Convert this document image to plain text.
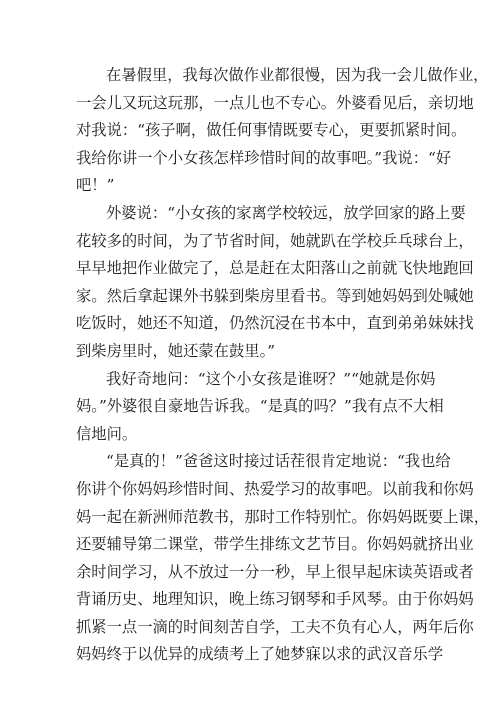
在暑假里，我每次做作业都很慢，因为我一会儿做作业，
一会儿又玩这玩那，一点儿也不专心。外婆看见后，亲切地
对我说：“孩子啊，做任何事情既要专心，更要抓紧时间。
我给你讲一个小女孩怎样珍惜时间的故事吧。”我说：“好
吧！”
外婆说：“小女孩的家离学校较远，放学回家的路上要
花较多的时间，为了节省时间，她就趴在学校乒乓球台上，
早早地把作业做完了，总是赶在太阳落山之前就飞快地跑回
家。然后拿起课外书躲到柴房里看书。等到她妈妈到处喊她
吃饭时，她还不知道，仍然沉浸在书本中，直到弟弟妹妹找
到柴房里时，她还蒙在鼓里。”
我好奇地问：“这个小女孩是谁呀？”“她就是你妈
妈。”外婆很自豪地告诉我。“是真的吗？”我有点不大相
信地问。
“是真的！”爸爸这时接过话茬很肯定地说：“我也给
你讲个你妈妈珍惜时间、热爱学习的故事吧。以前我和你妈
妈一起在新洲师范教书，那时工作特别忙。你妈妈既要上课，
还要辅导第二课堂，带学生排练文艺节目。你妈妈就挤出业
余时间学习，从不放过一分一秒，早上很早起床读英语或者
背诵历史、地理知识，晚上练习钢琴和手风琴。由于你妈妈
抓紧一点一滴的时间刻苦自学，工夫不负有心人，两年后你
妈妈终于以优异的成绩考上了她梦寐以求的武汉音乐学
